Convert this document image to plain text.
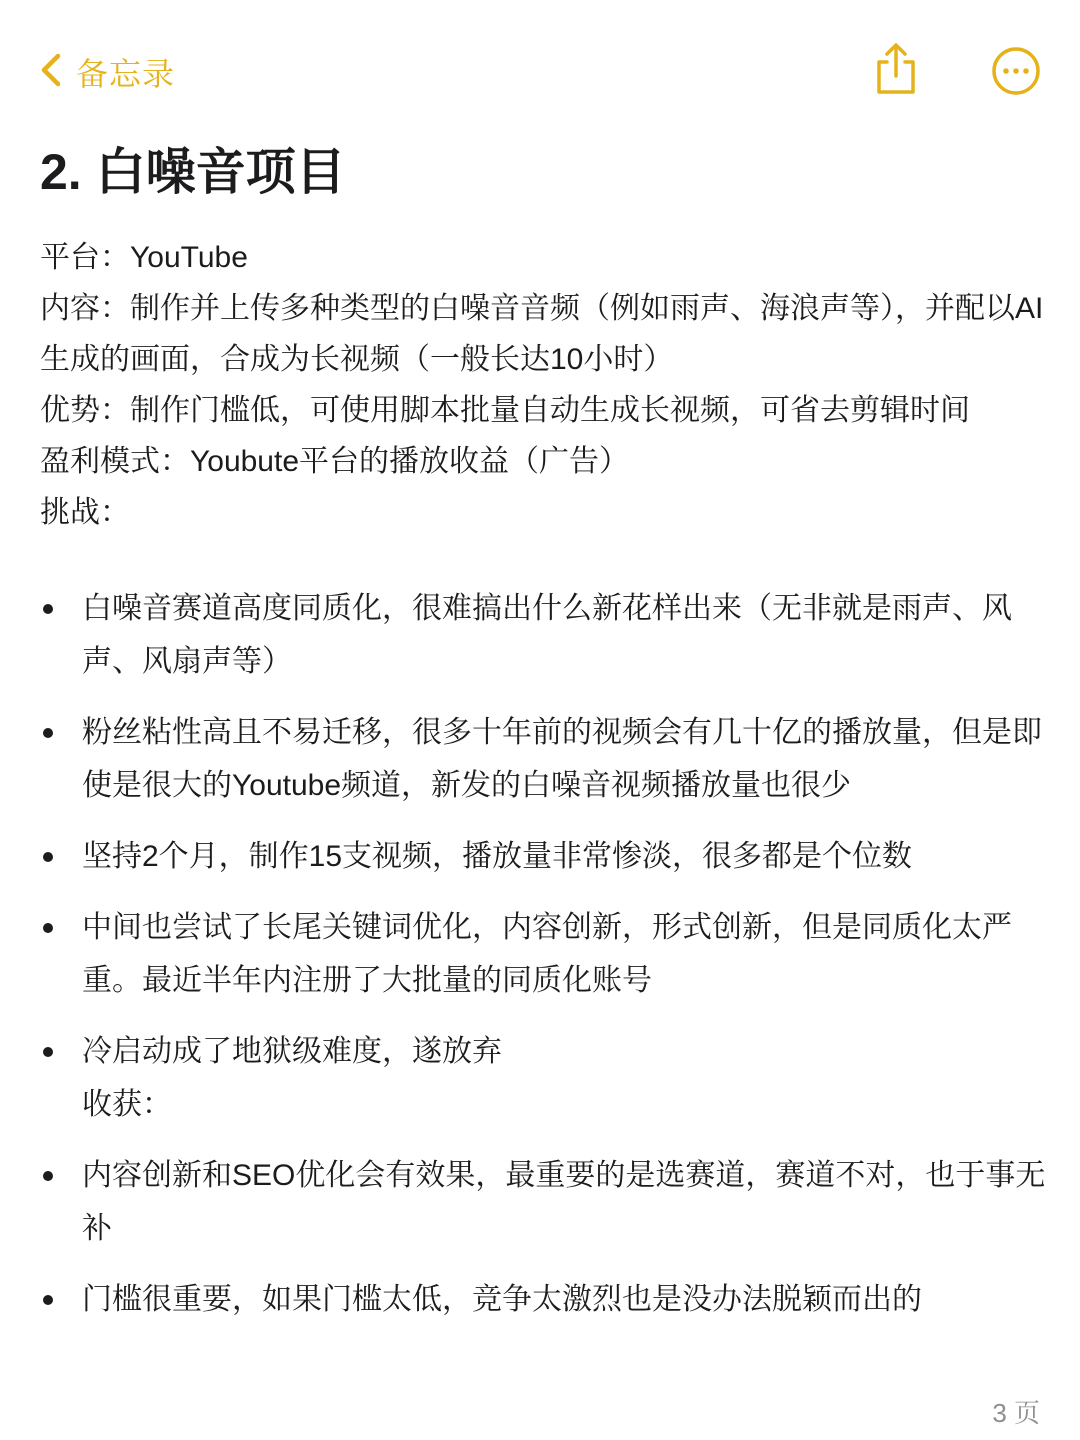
备忘录
2. 白噪音项目
平台：YouTube
内容：制作并上传多种类型的白噪音音频（例如雨声、海浪声等），并配以AI生成的画面，合成为长视频（一般长达10小时）
优势：制作门槛低，可使用脚本批量自动生成长视频，可省去剪辑时间
盈利模式：Youbute平台的播放收益（广告）
挑战：
白噪音赛道高度同质化，很难搞出什么新花样出来（无非就是雨声、风声、风扇声等）
粉丝粘性高且不易迁移，很多十年前的视频会有几十亿的播放量，但是即使是很大的Youtube频道，新发的白噪音视频播放量也很少
坚持2个月，制作15支视频，播放量非常惨淡，很多都是个位数
中间也尝试了长尾关键词优化，内容创新，形式创新，但是同质化太严重。最近半年内注册了大批量的同质化账号
冷启动成了地狱级难度，遂放弃
收获：
内容创新和SEO优化会有效果，最重要的是选赛道，赛道不对，也于事无补
门槛很重要，如果门槛太低，竞争太激烈也是没办法脱颖而出的
3 页
